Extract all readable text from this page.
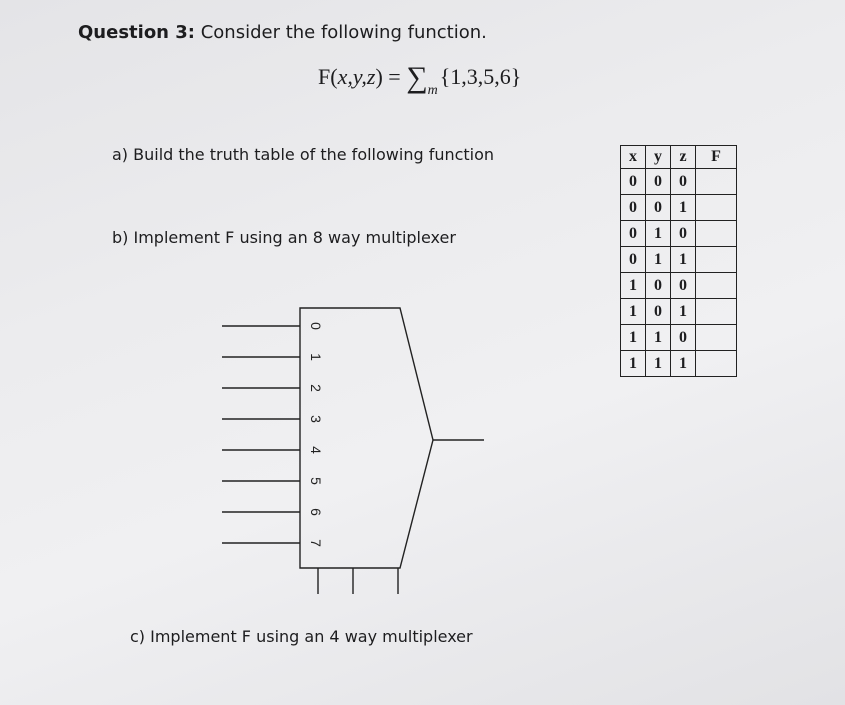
Question 3: Consider the following function.
$F(x,y,z) = \sum_m\{1,3,5,6\}$
a) Build the truth table of the following function
b) Implement F using an 8 way multiplexer
c) Implement F using an 4 way multiplexer
x	y	z	F
0	0	0	
0	0	1	
0	1	0	
0	1	1	
1	0	0	
1	0	1	
1	1	0	
1	1	1	
0
1
2
3
4
5
6
7
